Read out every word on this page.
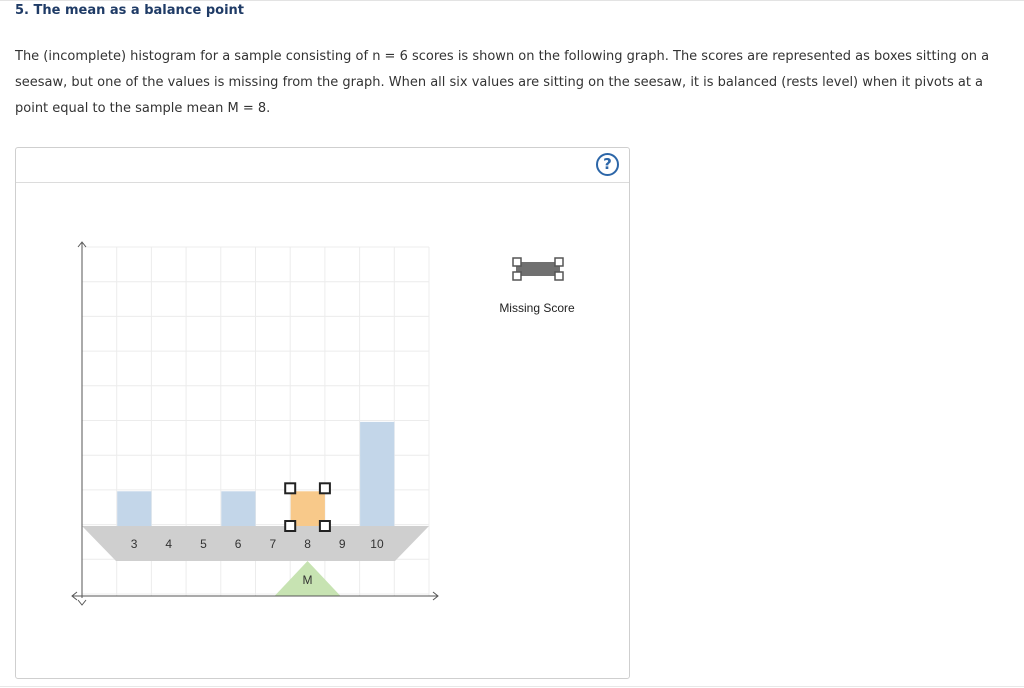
5. The mean as a balance point
The (incomplete) histogram for a sample consisting of n = 6 scores is shown on the following graph. The scores are represented as boxes sitting on a seesaw, but one of the values is missing from the graph. When all six values are sitting on the seesaw, it is balanced (rests level) when it pivots at a point equal to the sample mean M = 8.
?
3 4 5 6 7 8 9 10
M
Missing Score
